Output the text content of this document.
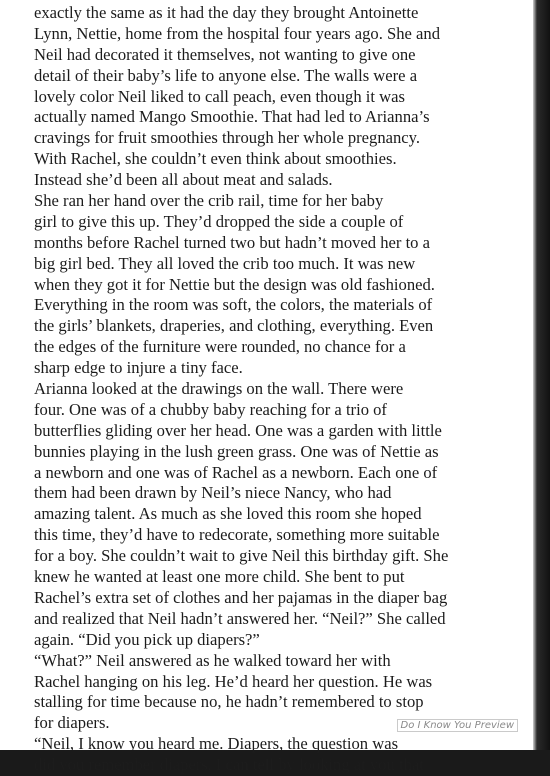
exactly the same as it had the day they brought Antoinette
Lynn, Nettie, home from the hospital four years ago. She and
Neil had decorated it themselves, not wanting to give one
detail of their baby’s life to anyone else. The walls were a
lovely color Neil liked to call peach, even though it was
actually named Mango Smoothie. That had led to Arianna’s
cravings for fruit smoothies through her whole pregnancy.
With Rachel, she couldn’t even think about smoothies.
Instead she’d been all about meat and salads.
She ran her hand over the crib rail, time for her baby
girl to give this up. They’d dropped the side a couple of
months before Rachel turned two but hadn’t moved her to a
big girl bed. They all loved the crib too much. It was new
when they got it for Nettie but the design was old fashioned.
Everything in the room was soft, the colors, the materials of
the girls’ blankets, draperies, and clothing, everything. Even
the edges of the furniture were rounded, no chance for a
sharp edge to injure a tiny face.
Arianna looked at the drawings on the wall. There were
four. One was of a chubby baby reaching for a trio of
butterflies gliding over her head. One was a garden with little
bunnies playing in the lush green grass. One was of Nettie as
a newborn and one was of Rachel as a newborn. Each one of
them had been drawn by Neil’s niece Nancy, who had
amazing talent. As much as she loved this room she hoped
this time, they’d have to redecorate, something more suitable
for a boy. She couldn’t wait to give Neil this birthday gift. She
knew he wanted at least one more child. She bent to put
Rachel’s extra set of clothes and her pajamas in the diaper bag
and realized that Neil hadn’t answered her. “Neil?” She called
again. “Did you pick up diapers?”
“What?” Neil answered as he walked toward her with
Rachel hanging on his leg. He’d heard her question. He was
stalling for time because no, he hadn’t remembered to stop
for diapers.
“Neil, I know you heard me. Diapers, the question was
did you remember diapers. I can tell by looking at you that
Do I Know You Preview
